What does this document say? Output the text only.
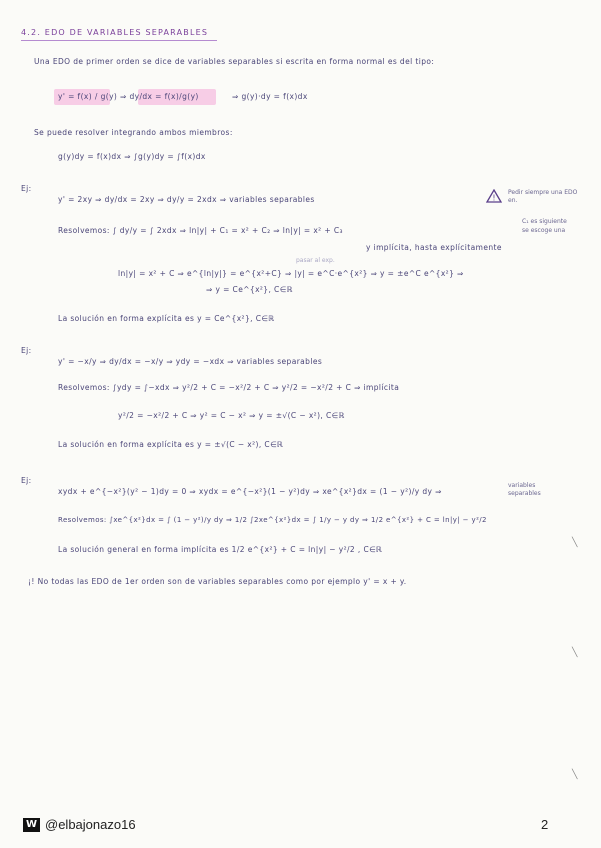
4.2. EDO DE VARIABLES SEPARABLES
Una EDO de primer orden se dice de variables separables si escrita en forma normal es del tipo:
y' = f(x) / g(y) ⇒ dy/dx = f(x)/g(y)	⇒ g(y)·dy = f(x)dx
Se puede resolver integrando ambos miembros:
g(y)dy = f(x)dx ⇒ ∫g(y)dy = ∫f(x)dx
Ej:
y' = 2xy ⇒ dy/dx = 2xy ⇒ dy/y = 2xdx ⇒ variables separables	!
Pedir siempre una EDO en.
Resolvemos: ∫ dy/y = ∫ 2xdx ⇒ ln|y| + C₁ = x² + C₂ ⇒ ln|y| = x² + C₃
C₁ es siguiente
se escoge una
y implícita, hasta explícitamente
pasar al exp.
ln|y| = x² + C ⇒ e^{ln|y|} = e^{x²+C} ⇒ |y| = e^C·e^{x²} ⇒ y = ±e^C e^{x²} ⇒
⇒ y = Ce^{x²}, C∈ℝ
La solución en forma explícita es y = Ce^{x²}, C∈ℝ
Ej:
y' = −x/y ⇒ dy/dx = −x/y ⇒ ydy = −xdx ⇒ variables separables
Resolvemos: ∫ydy = ∫−xdx ⇒ y²/2 + C = −x²/2 + C ⇒ y²/2 = −x²/2 + C ⇒ implícita
y²/2 = −x²/2 + C ⇒ y² = C − x² ⇒ y = ±√(C − x²), C∈ℝ
La solución en forma explícita es y = ±√(C − x²), C∈ℝ
Ej:
xydx + e^{−x²}(y² − 1)dy = 0 ⇒ xydx = e^{−x²}(1 − y²)dy ⇒ xe^{x²}dx = (1 − y²)/y dy ⇒
variables
separables
Resolvemos: ∫xe^{x²}dx = ∫ (1 − y²)/y dy ⇒ 1/2 ∫2xe^{x²}dx = ∫ 1/y − y dy ⇒ 1/2 e^{x²} + C = ln|y| − y²/2
La solución general en forma implícita es 1/2 e^{x²} + C = ln|y| − y²/2 , C∈ℝ
¡! No todas las EDO de 1er orden son de variables separables como por ejemplo y' = x + y.
╲
╲
╲
W @elbajonazo16	2
